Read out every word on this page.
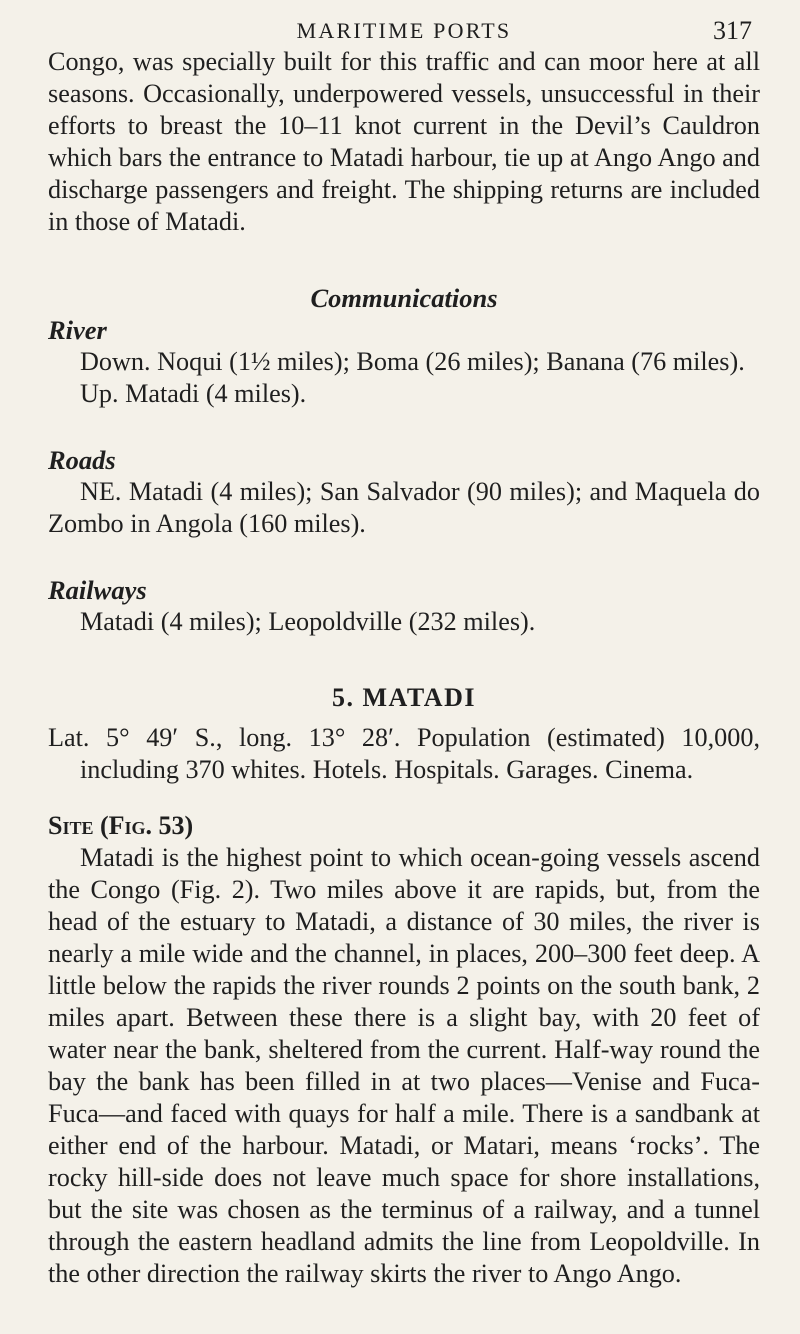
MARITIME PORTS	317

Congo, was specially built for this traffic and can moor here at all seasons. Occasionally, underpowered vessels, unsuccessful in their efforts to breast the 10–11 knot current in the Devil’s Cauldron which bars the entrance to Matadi harbour, tie up at Ango Ango and discharge passengers and freight. The shipping returns are included in those of Matadi.

Communications
River

Down. Noqui (1½ miles); Boma (26 miles); Banana (76 miles).

Up. Matadi (4 miles).

Roads

NE. Matadi (4 miles); San Salvador (90 miles); and Maquela do Zombo in Angola (160 miles).

Railways

Matadi (4 miles); Leopoldville (232 miles).

5. MATADI

Lat. 5° 49′ S., long. 13° 28′. Population (estimated) 10,000, including 370 whites. Hotels. Hospitals. Garages. Cinema.

Site (Fig. 53)

Matadi is the highest point to which ocean-going vessels ascend the Congo (Fig. 2). Two miles above it are rapids, but, from the head of the estuary to Matadi, a distance of 30 miles, the river is nearly a mile wide and the channel, in places, 200–300 feet deep. A little below the rapids the river rounds 2 points on the south bank, 2 miles apart. Between these there is a slight bay, with 20 feet of water near the bank, sheltered from the current. Half-way round the bay the bank has been filled in at two places—Venise and Fuca-Fuca—and faced with quays for half a mile. There is a sandbank at either end of the harbour. Matadi, or Matari, means ‘rocks’. The rocky hill-side does not leave much space for shore installations, but the site was chosen as the terminus of a railway, and a tunnel through the eastern headland admits the line from Leopoldville. In the other direction the railway skirts the river to Ango Ango.
